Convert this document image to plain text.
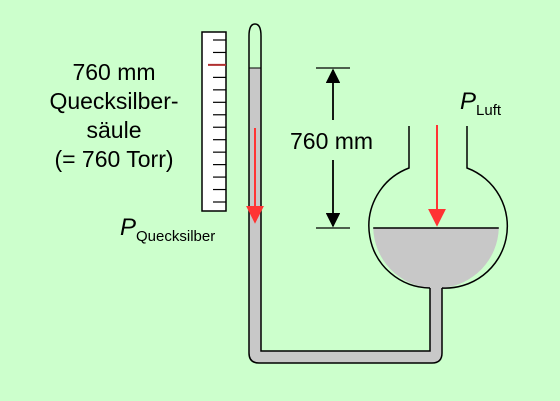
760 mm
Quecksilber-
säule
(= 760 Torr)
760 mm
$P_{Quecksilber}$
$P_{Luft}$
